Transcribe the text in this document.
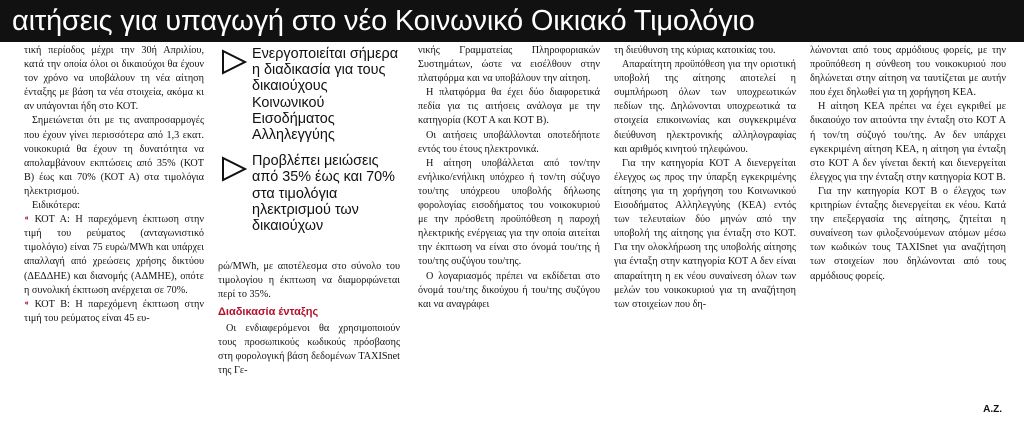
αιτήσεις για υπαγωγή στο νέο Κοινωνικό Οικιακό Τιμολόγιο

τική περίοδος μέχρι την 30ή Απριλίου, κατά την οποία όλοι οι δικαιούχοι θα έχουν τον χρόνο να υποβάλουν τη νέα αίτηση ένταξης με βάση τα νέα στοιχεία, ακόμα κι αν υπάγονται ήδη στο ΚΟΤ.

Σημειώνεται ότι με τις αναπροσαρμογές που έχουν γίνει περισσότερα από 1,3 εκατ. νοικοκυριά θα έχουν τη δυνατότητα να απολαμβάνουν εκπτώσεις από 35% (ΚΟΤ Β) έως και 70% (ΚΟΤ Α) στα τιμολόγια ηλεκτρισμού.

Ειδικότερα:

⁌ ΚΟΤ Α: Η παρεχόμενη έκπτωση στην τιμή του ρεύματος (ανταγωνιστικό τιμολόγιο) είναι 75 ευρώ/MWh και υπάρχει απαλλαγή από χρεώσεις χρήσης δικτύου (ΔΕΔΔΗΕ) και διανομής (ΑΔΜΗΕ), οπότε η συνολική έκπτωση ανέρχεται σε 70%.

⁌ ΚΟΤ Β: Η παρεχόμενη έκπτωση στην τιμή του ρεύματος είναι 45 ευ-

Ενεργοποιείται σήμερα η διαδικασία για τους δικαιούχους Κοινωνικού Εισοδήματος Αλληλεγγύης
Προβλέπει μειώσεις από 35% έως και 70% στα τιμολόγια ηλεκτρισμού των δικαιούχων

ρώ/MWh, με αποτέλεσμα στο σύνολο του τιμολογίου η έκπτωση να διαμορφώνεται περί το 35%.

Διαδικασία ένταξης

Οι ενδιαφερόμενοι θα χρησιμοποιούν τους προσωπικούς κωδικούς πρόσβασης στη φορολογική βάση δεδομένων TAXISnet της Γε-

νικής Γραμματείας Πληροφοριακών Συστημάτων, ώστε να εισέλθουν στην πλατφόρμα και να υποβάλουν την αίτηση.

Η πλατφόρμα θα έχει δύο διαφορετικά πεδία για τις αιτήσεις ανάλογα με την κατηγορία (ΚΟΤ Α και ΚΟΤ Β).

Οι αιτήσεις υποβάλλονται οποτεδήποτε εντός του έτους ηλεκτρονικά.

Η αίτηση υποβάλλεται από τον/την ενήλικο/ενήλικη υπόχρεο ή τον/τη σύζυγο του/της υπόχρεου υποβολής δήλωσης φορολογίας εισοδήματος του νοικοκυριού με την πρόσθετη προϋπόθεση η παροχή ηλεκτρικής ενέργειας για την οποία αιτείται την έκπτωση να είναι στο όνομά του/της ή του/της συζύγου του/της.

Ο λογαριασμός πρέπει να εκδίδεται στο όνομά του/της δικούχου ή του/της συζύγου και να αναγράφει

τη διεύθυνση της κύριας κατοικίας του.

Απαραίτητη προϋπόθεση για την οριστική υποβολή της αίτησης αποτελεί η συμπλήρωση όλων των υποχρεωτικών πεδίων της. Δηλώνονται υποχρεωτικά τα στοιχεία επικοινωνίας και συγκεκριμένα διεύθυνση ηλεκτρονικής αλληλογραφίας και αριθμός κινητού τηλεφώνου.

Για την κατηγορία ΚΟΤ Α διενεργείται έλεγχος ως προς την ύπαρξη εγκεκριμένης αίτησης για τη χορήγηση του Κοινωνικού Εισοδήματος Αλληλεγγύης (ΚΕΑ) εντός των τελευταίων δύο μηνών από την υποβολή της αίτησης για ένταξη στο ΚΟΤ. Για την ολοκλήρωση της υποβολής αίτησης για ένταξη στην κατηγορία ΚΟΤ Α δεν είναι απαραίτητη η εκ νέου συναίνεση όλων των μελών του νοικοκυριού για τη αναζήτηση των στοιχείων που δη-

λώνονται από τους αρμόδιους φορείς, με την προϋπόθεση η σύνθεση του νοικοκυριού που δηλώνεται στην αίτηση να ταυτίζεται με αυτήν που έχει δηλωθεί για τη χορήγηση ΚΕΑ.

Η αίτηση ΚΕΑ πρέπει να έχει εγκριθεί με δικαιούχο τον αιτούντα την ένταξη στο ΚΟΤ Α ή τον/τη σύζυγό του/της. Αν δεν υπάρχει εγκεκριμένη αίτηση ΚΕΑ, η αίτηση για ένταξη στο ΚΟΤ Α δεν γίνεται δεκτή και διενεργείται έλεγχος για την ένταξη στην κατηγορία ΚΟΤ Β.

Για την κατηγορία ΚΟΤ Β ο έλεγχος των κριτηρίων ένταξης διενεργείται εκ νέου. Κατά την επεξεργασία της αίτησης, ζητείται η συναίνεση των φιλοξενούμενων ατόμων μέσω των κωδικών τους TAXISnet για αναζήτηση των στοιχείων που δηλώνονται από τους αρμόδιους φορείς.

Α.Ζ.
